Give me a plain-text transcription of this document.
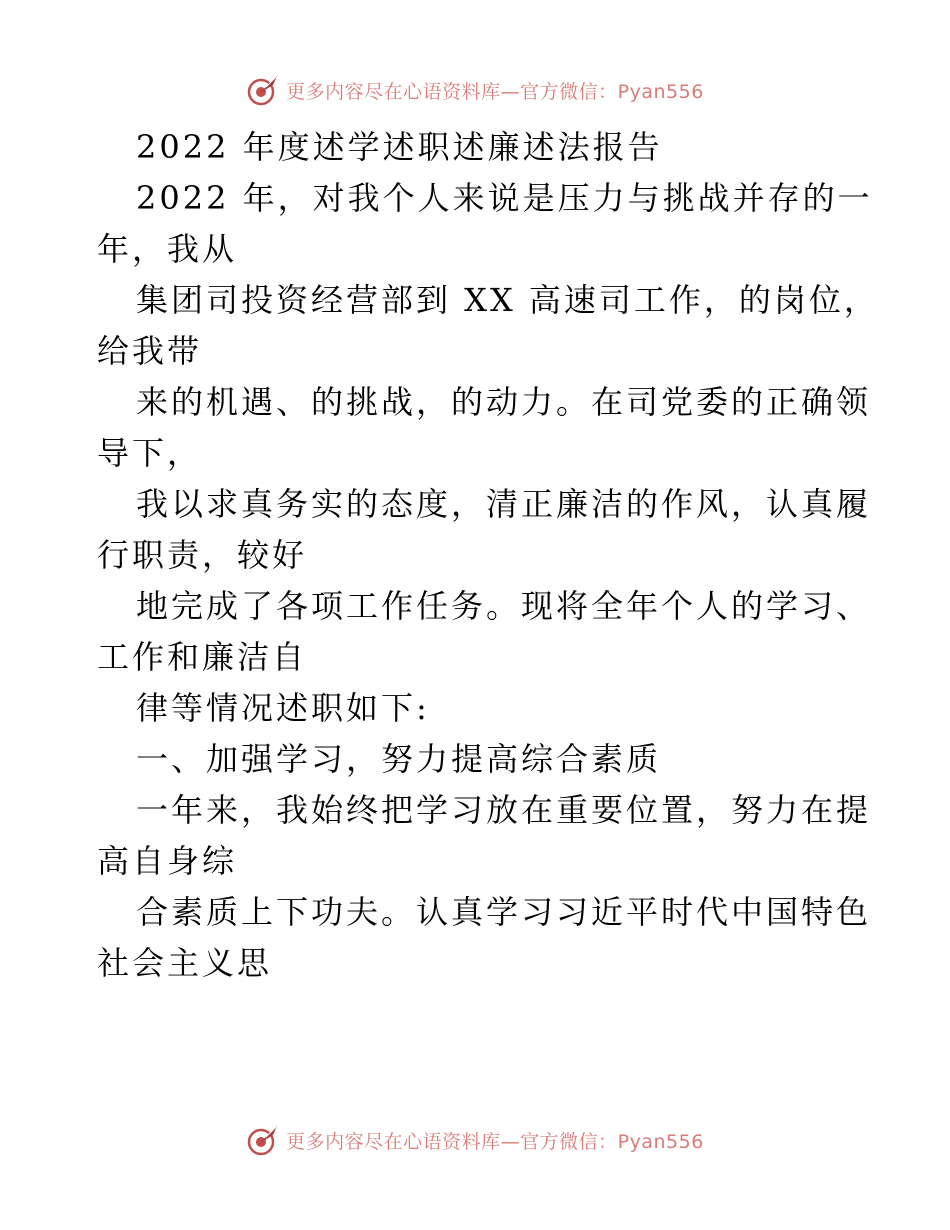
更多内容尽在心语资料库—官方微信：Pyan556
2022 年度述学述职述廉述法报告
2022 年，对我个人来说是压力与挑战并存的一
年，我从
集团司投资经营部到 XX 高速司工作，的岗位，
给我带
来的机遇、的挑战，的动力。在司党委的正确领
导下，
我以求真务实的态度，清正廉洁的作风，认真履
行职责，较好
地完成了各项工作任务。现将全年个人的学习、
工作和廉洁自
律等情况述职如下:
一、加强学习，努力提高综合素质
一年来，我始终把学习放在重要位置，努力在提
高自身综
合素质上下功夫。认真学习习近平时代中国特色
社会主义思
更多内容尽在心语资料库—官方微信：Pyan556
